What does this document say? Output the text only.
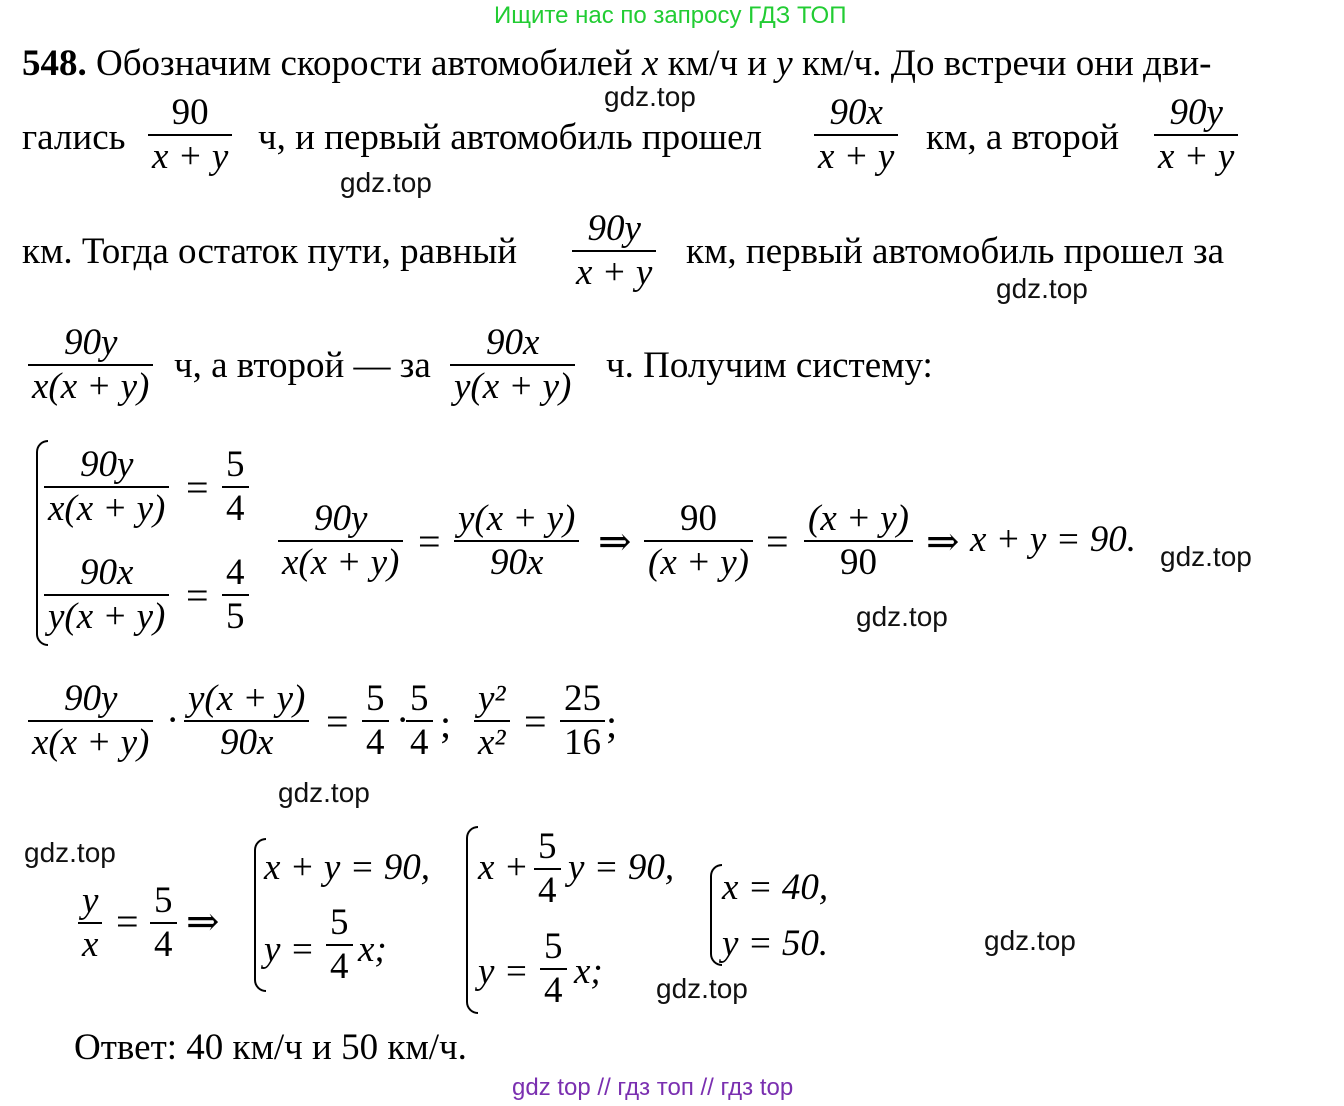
Ищите нас по запросу ГДЗ ТОП
548. Обозначим скорости автомобилей x км/ч и y км/ч. До встречи они дви-
гались
90
x + y ч, и первый автомобиль прошел
90x
x + y км, а второй
90y
x + y
км. Тогда остаток пути, равный
90y
x + y
км, первый автомобиль прошел за
90y
x(x + y)
ч, а второй — за
90x
y(x + y)
ч. Получим систему:
90y
x(x + y) =
5
4
90x
y(x + y) =
4
5
90y
x(x + y) =
y(x + y)
90x ⇒
90
(x + y) =
(x + y)
90 ⇒ x + y = 90.
90y
x(x + y)
· y(x + y)
90x =
5
4
· 5
4 ;
y²
x² =
25
16 ;
y
x
= 5
4
⇒
x + y = 90,
y =
5
4 x;
x +
5
4
y = 90,
y =
5
4 x;
x = 40,
y = 50.
Ответ: 40 км/ч и 50 км/ч.
gdz.top
gdz.top
gdz.top
gdz.top
gdz.top
gdz.top
gdz.top
gdz.top
gdz.top
gdz top // гдз топ // гдз top
